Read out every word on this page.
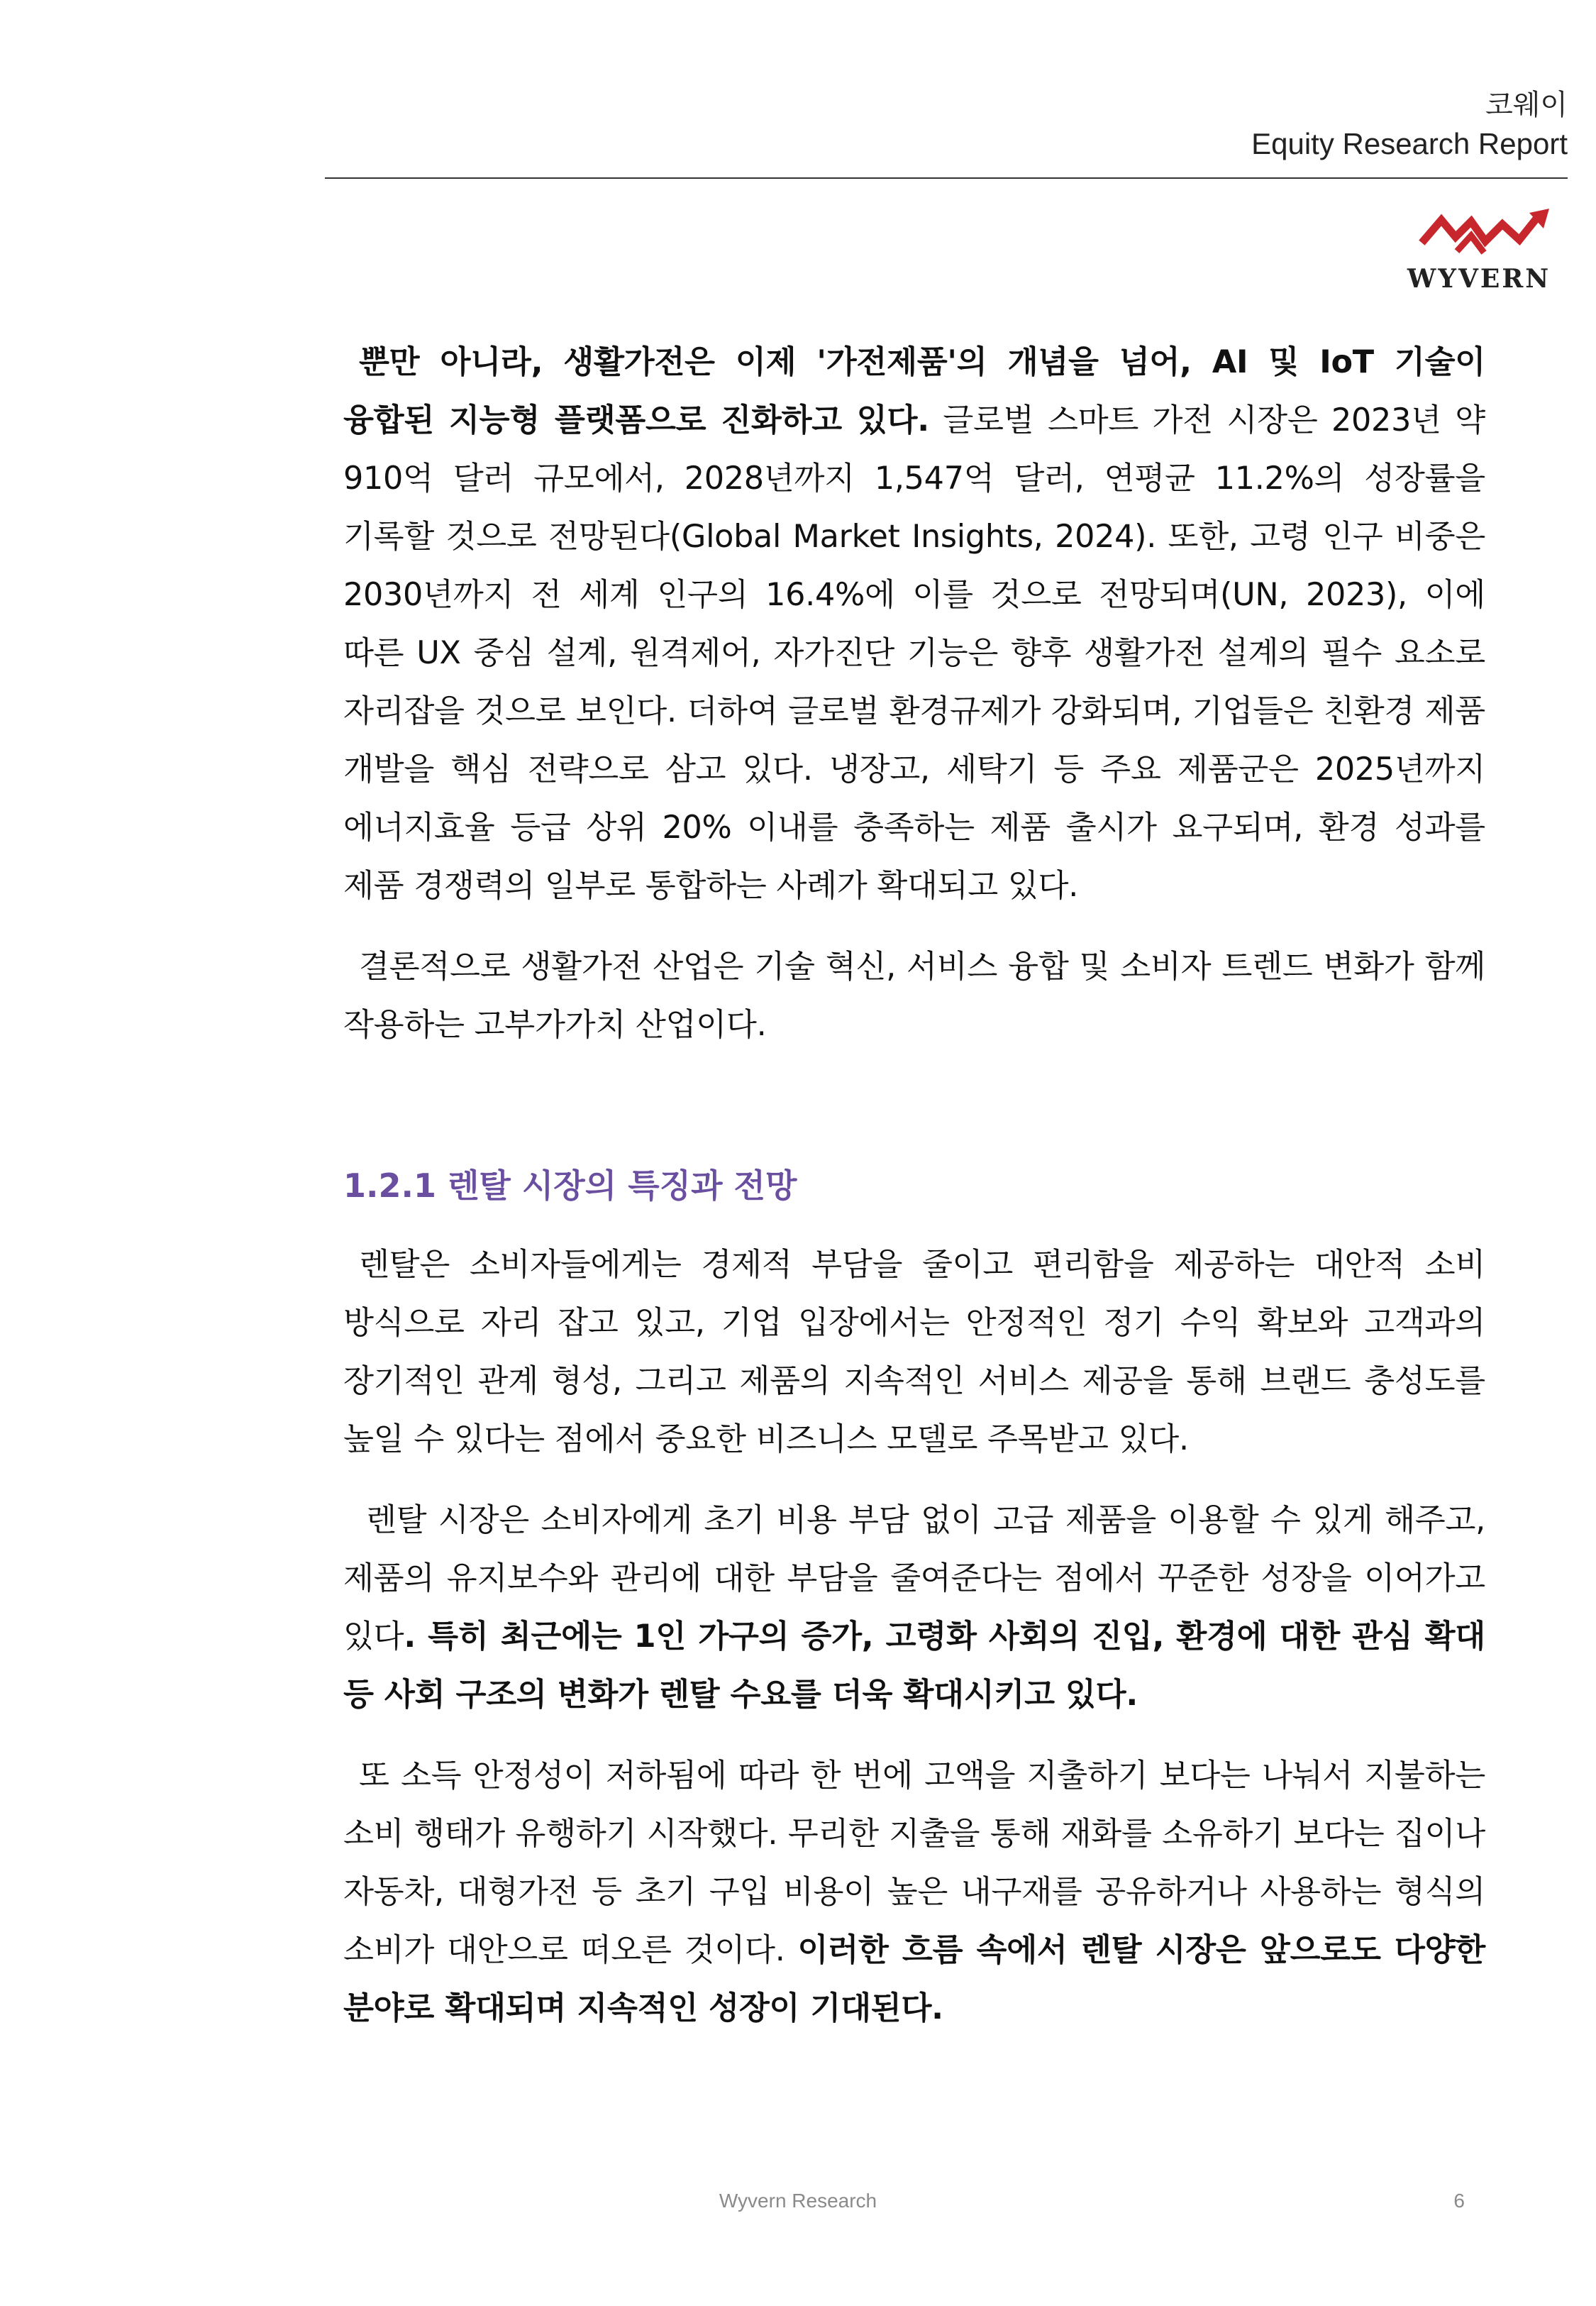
코웨이
Equity Research Report
WYVERN

뿐만 아니라, 생활가전은 이제 '가전제품'의 개념을 넘어, AI 및 IoT 기술이 융합된 지능형 플랫폼으로 진화하고 있다. 글로벌 스마트 가전 시장은 2023년 약 910억 달러 규모에서, 2028년까지 1,547억 달러, 연평균 11.2%의 성장률을 기록할 것으로 전망된다(Global Market Insights, 2024). 또한, 고령 인구 비중은 2030년까지 전 세계 인구의 16.4%에 이를 것으로 전망되며(UN, 2023), 이에 따른 UX 중심 설계, 원격제어, 자가진단 기능은 향후 생활가전 설계의 필수 요소로 자리잡을 것으로 보인다. 더하여 글로벌 환경규제가 강화되며, 기업들은 친환경 제품 개발을 핵심 전략으로 삼고 있다. 냉장고, 세탁기 등 주요 제품군은 2025년까지 에너지효율 등급 상위 20% 이내를 충족하는 제품 출시가 요구되며, 환경 성과를 제품 경쟁력의 일부로 통합하는 사례가 확대되고 있다.

결론적으로 생활가전 산업은 기술 혁신, 서비스 융합 및 소비자 트렌드 변화가 함께 작용하는 고부가가치 산업이다.

1.2.1 렌탈 시장의 특징과 전망

렌탈은 소비자들에게는 경제적 부담을 줄이고 편리함을 제공하는 대안적 소비 방식으로 자리 잡고 있고, 기업 입장에서는 안정적인 정기 수익 확보와 고객과의 장기적인 관계 형성, 그리고 제품의 지속적인 서비스 제공을 통해 브랜드 충성도를 높일 수 있다는 점에서 중요한 비즈니스 모델로 주목받고 있다.

렌탈 시장은 소비자에게 초기 비용 부담 없이 고급 제품을 이용할 수 있게 해주고, 제품의 유지보수와 관리에 대한 부담을 줄여준다는 점에서 꾸준한 성장을 이어가고 있다. 특히 최근에는 1인 가구의 증가, 고령화 사회의 진입, 환경에 대한 관심 확대 등 사회 구조의 변화가 렌탈 수요를 더욱 확대시키고 있다.

또 소득 안정성이 저하됨에 따라 한 번에 고액을 지출하기 보다는 나눠서 지불하는 소비 행태가 유행하기 시작했다. 무리한 지출을 통해 재화를 소유하기 보다는 집이나 자동차, 대형가전 등 초기 구입 비용이 높은 내구재를 공유하거나 사용하는 형식의 소비가 대안으로 떠오른 것이다. 이러한 흐름 속에서 렌탈 시장은 앞으로도 다양한 분야로 확대되며 지속적인 성장이 기대된다.

Wyvern Research	6
